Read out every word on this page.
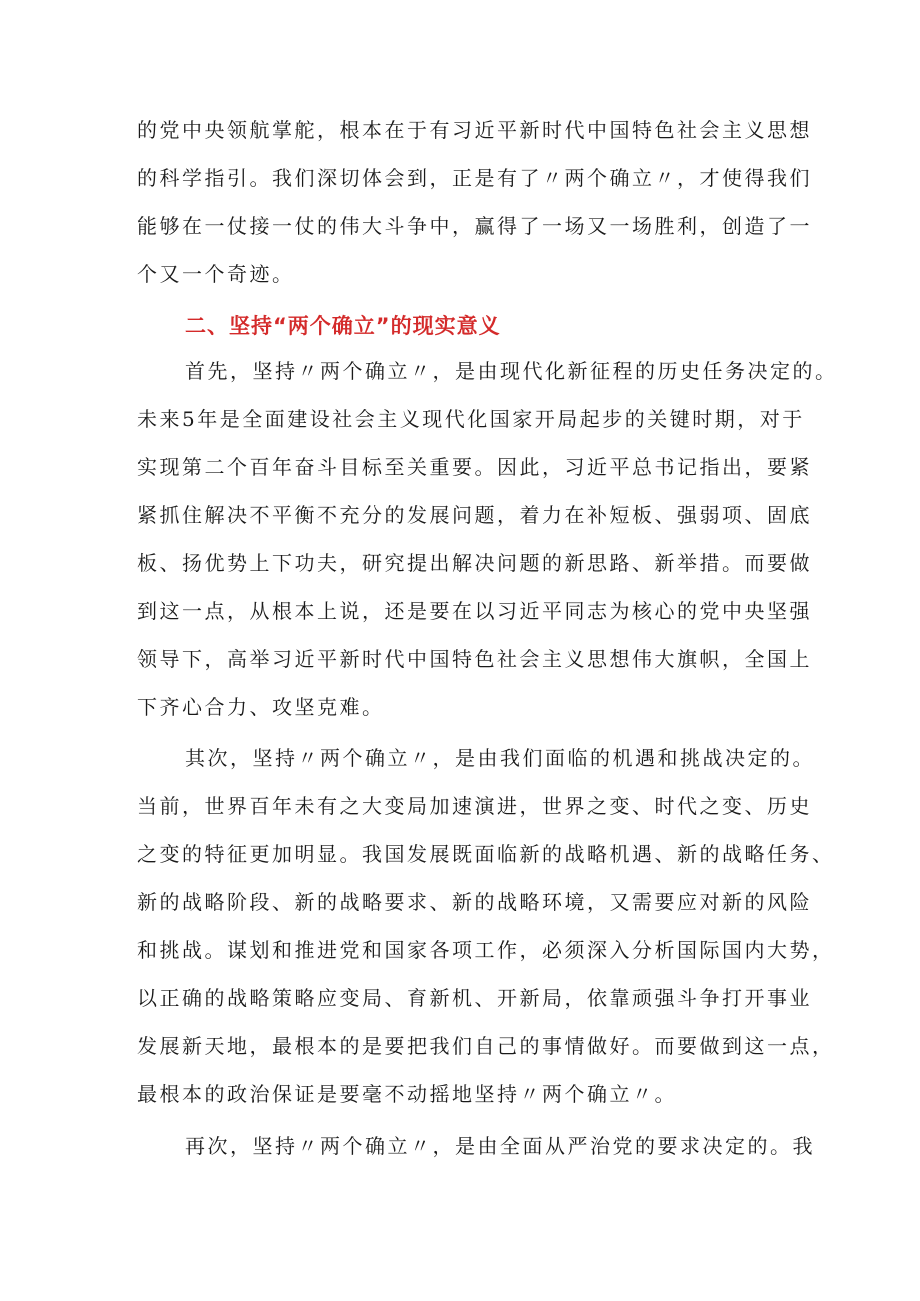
的党中央领航掌舵，根本在于有习近平新时代中国特色社会主义思想
的科学指引。我们深切体会到，正是有了〃两个确立〃，才使得我们
能够在一仗接一仗的伟大斗争中，赢得了一场又一场胜利，创造了一
个又一个奇迹。
二、坚持“两个确立”的现实意义
首先，坚持〃两个确立〃，是由现代化新征程的历史任务决定的。
未来5年是全面建设社会主义现代化国家开局起步的关键时期，对于
实现第二个百年奋斗目标至关重要。因此，习近平总书记指出，要紧
紧抓住解决不平衡不充分的发展问题，着力在补短板、强弱项、固底
板、扬优势上下功夫，研究提出解决问题的新思路、新举措。而要做
到这一点，从根本上说，还是要在以习近平同志为核心的党中央坚强
领导下，高举习近平新时代中国特色社会主义思想伟大旗帜，全国上
下齐心合力、攻坚克难。
其次，坚持〃两个确立〃，是由我们面临的机遇和挑战决定的。
当前，世界百年未有之大变局加速演进，世界之变、时代之变、历史
之变的特征更加明显。我国发展既面临新的战略机遇、新的战略任务、
新的战略阶段、新的战略要求、新的战略环境，又需要应对新的风险
和挑战。谋划和推进党和国家各项工作，必须深入分析国际国内大势，
以正确的战略策略应变局、育新机、开新局，依靠顽强斗争打开事业
发展新天地，最根本的是要把我们自己的事情做好。而要做到这一点，
最根本的政治保证是要毫不动摇地坚持〃两个确立〃。
再次，坚持〃两个确立〃，是由全面从严治党的要求决定的。我
